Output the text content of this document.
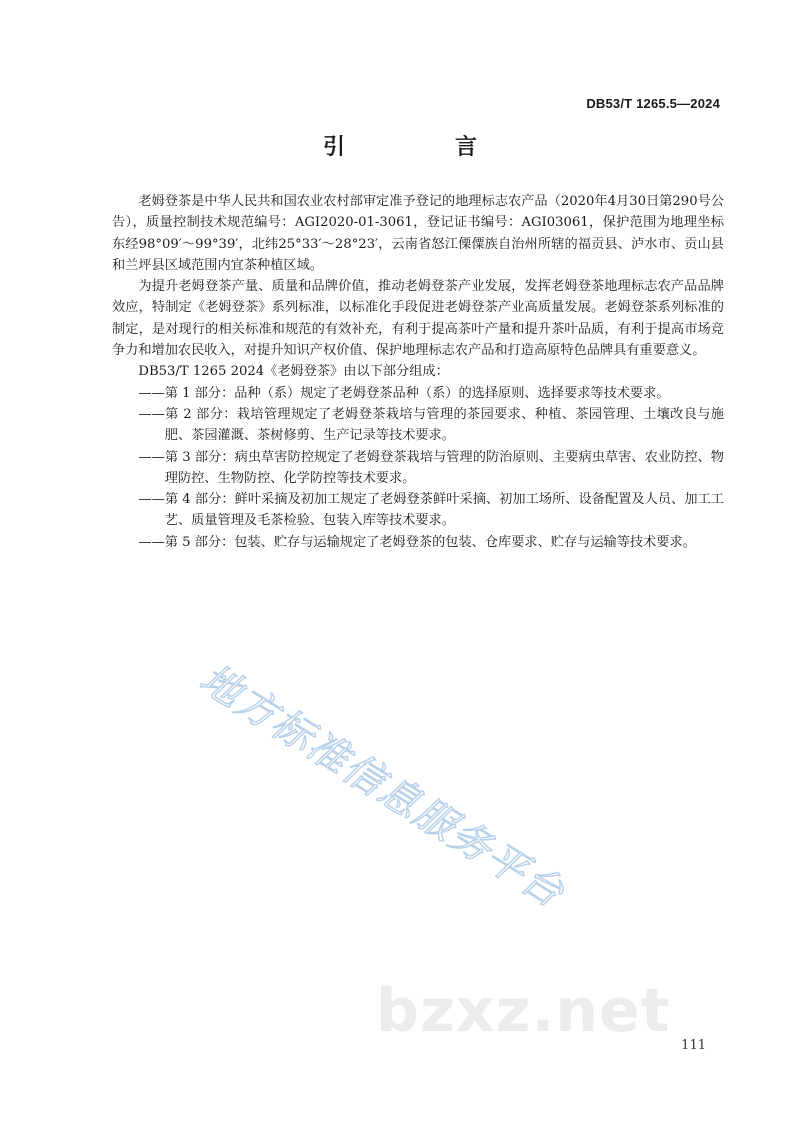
DB53/T 1265.5—2024
引　言

老姆登茶是中华人民共和国农业农村部审定准予登记的地理标志农产品（2020年4月30日第290号公告），质量控制技术规范编号：AGI2020-01-3061，登记证书编号：AGI03061，保护范围为地理坐标东经98°09′～99°39′，北纬25°33′～28°23′，云南省怒江傈僳族自治州所辖的福贡县、泸水市、贡山县和兰坪县区域范围内宜茶种植区域。

为提升老姆登茶产量、质量和品牌价值，推动老姆登茶产业发展，发挥老姆登茶地理标志农产品品牌效应，特制定《老姆登茶》系列标准，以标准化手段促进老姆登茶产业高质量发展。老姆登茶系列标准的制定，是对现行的相关标准和规范的有效补充，有利于提高茶叶产量和提升茶叶品质，有利于提高市场竞争力和增加农民收入，对提升知识产权价值、保护地理标志农产品和打造高原特色品牌具有重要意义。

DB53/T 1265 2024《老姆登茶》由以下部分组成：

——第 1 部分：品种（系）规定了老姆登茶品种（系）的选择原则、选择要求等技术要求。

——第 2 部分：栽培管理规定了老姆登茶栽培与管理的茶园要求、种植、茶园管理、土壤改良与施肥、茶园灌溉、茶树修剪、生产记录等技术要求。

——第 3 部分：病虫草害防控规定了老姆登茶栽培与管理的防治原则、主要病虫草害、农业防控、物理防控、生物防控、化学防控等技术要求。

——第 4 部分：鲜叶采摘及初加工规定了老姆登茶鲜叶采摘、初加工场所、设备配置及人员、加工工艺、质量管理及毛茶检验、包装入库等技术要求。

——第 5 部分：包装、贮存与运输规定了老姆登茶的包装、仓库要求、贮存与运输等技术要求。

地方标准信息服务平台
bzxz.net 111
